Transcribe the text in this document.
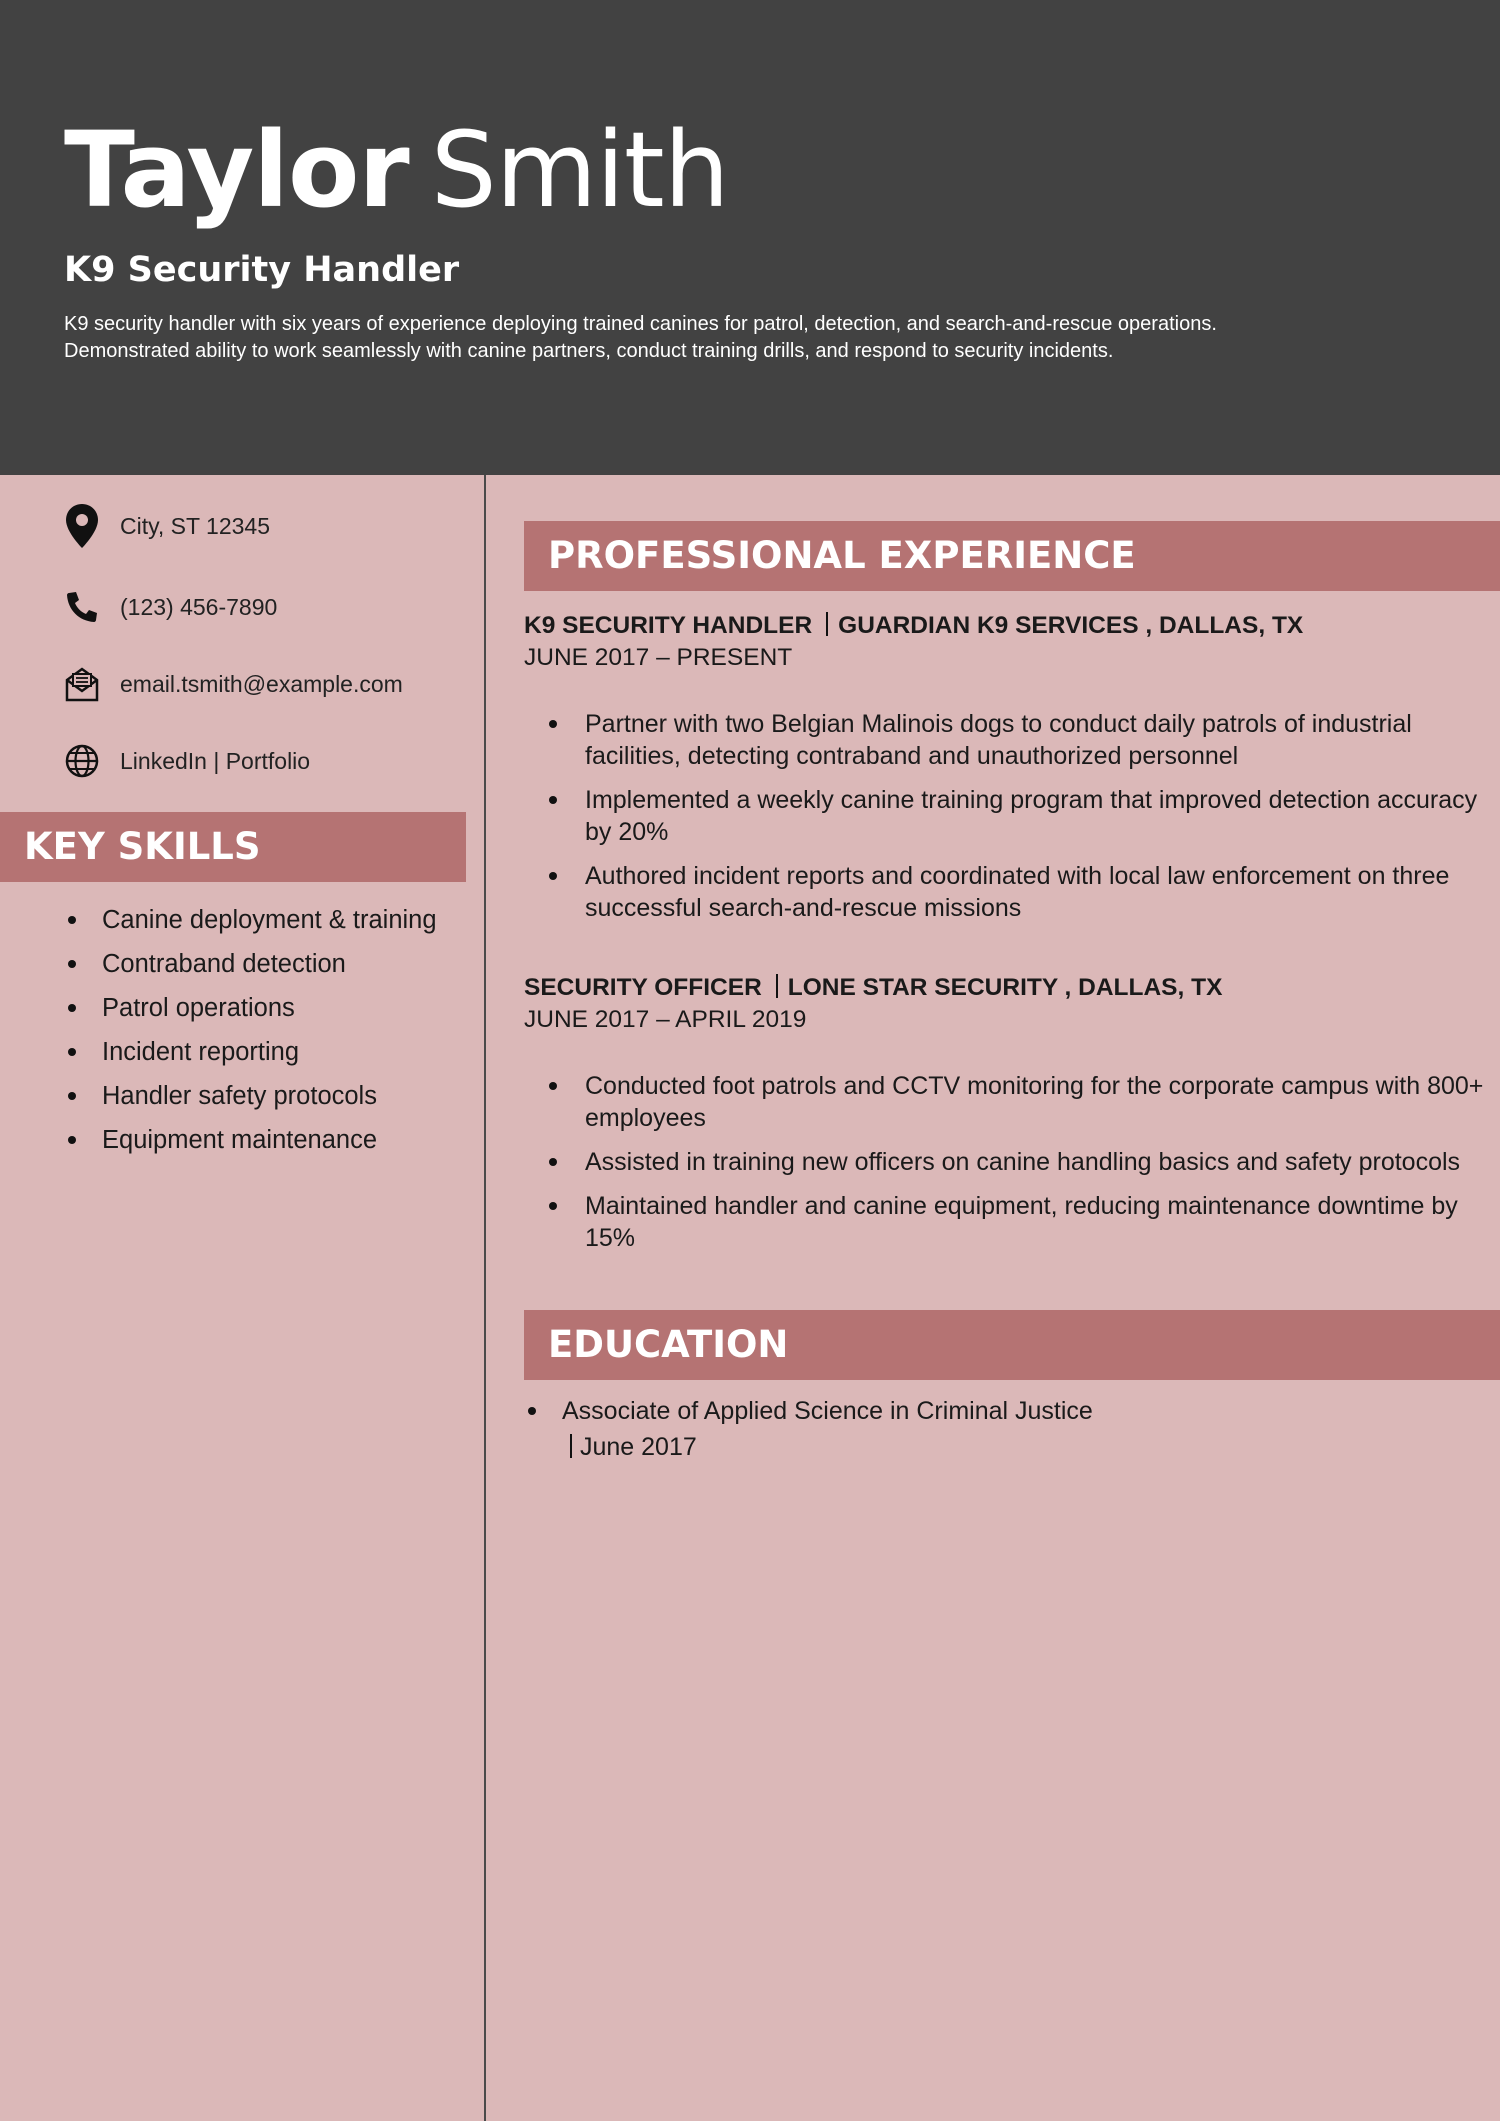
Taylor Smith
K9 Security Handler
K9 security handler with six years of experience deploying trained canines for patrol, detection, and search-and-rescue operations.
Demonstrated ability to work seamlessly with canine partners, conduct training drills, and respond to security incidents.
City, ST 12345
(123) 456-7890
email.tsmith@example.com
LinkedIn | Portfolio
KEY SKILLS
Canine deployment & training
Contraband detection
Patrol operations
Incident reporting
Handler safety protocols
Equipment maintenance
PROFESSIONAL EXPERIENCE
K9 SECURITY HANDLER GUARDIAN K9 SERVICES , DALLAS, TX
JUNE 2017 – PRESENT
Partner with two Belgian Malinois dogs to conduct daily patrols of industrial facilities, detecting contraband and unauthorized personnel
Implemented a weekly canine training program that improved detection accuracy by 20%
Authored incident reports and coordinated with local law enforcement on three successful search-and-rescue missions
SECURITY OFFICER LONE STAR SECURITY , DALLAS, TX
JUNE 2017 – APRIL 2019
Conducted foot patrols and CCTV monitoring for the corporate campus with 800+ employees
Assisted in training new officers on canine handling basics and safety protocols
Maintained handler and canine equipment, reducing maintenance downtime by 15%
EDUCATION
Associate of Applied Science in Criminal Justice
June 2017
